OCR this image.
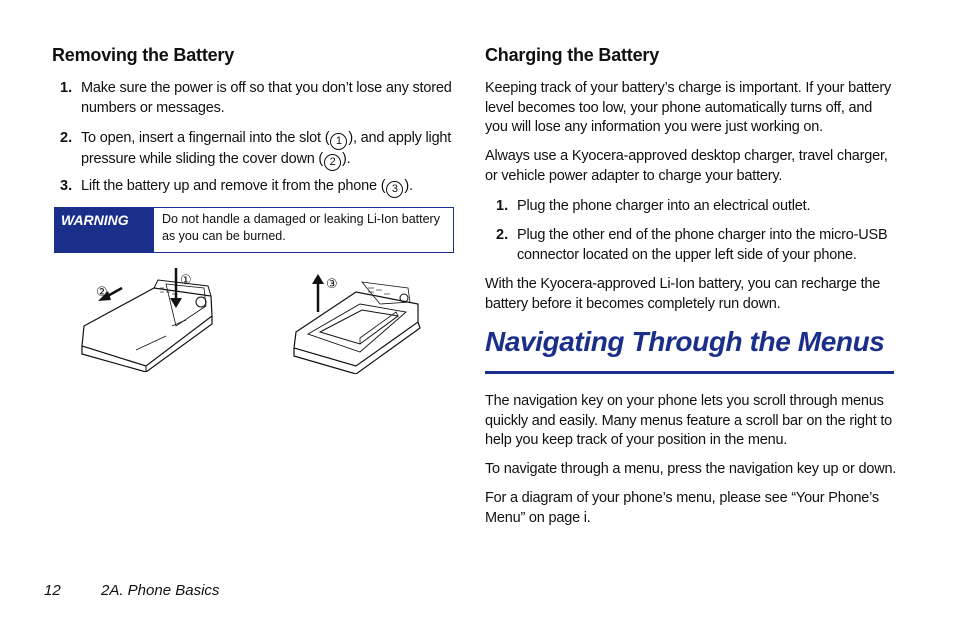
Removing the Battery
1. Make sure the power is off so that you don’t lose any stored
numbers or messages.
2. To open, insert a fingernail into the slot ( 1 ), and apply light
pressure while sliding the cover down ( 2 ).
3. Lift the battery up and remove it from the phone ( 3 ).
WARNING	Do not handle a damaged or leaking Li-Ion battery
as you can be burned.
①
②
③
Charging the Battery
Keeping track of your battery’s charge is important. If your battery
level becomes too low, your phone automatically turns off, and
you will lose any information you were just working on.
Always use a Kyocera-approved desktop charger, travel charger,
or vehicle power adapter to charge your battery.
1. Plug the phone charger into an electrical outlet.
2. Plug the other end of the phone charger into the micro-USB
connector located on the upper left side of your phone.
With the Kyocera-approved Li-Ion battery, you can recharge the
battery before it becomes completely run down.
Navigating Through the Menus
The navigation key on your phone lets you scroll through menus
quickly and easily. Many menus feature a scroll bar on the right to
help you keep track of your position in the menu.
To navigate through a menu, press the navigation key up or down.
For a diagram of your phone’s menu, please see “Your Phone’s
Menu” on page i.
12	2A. Phone Basics
